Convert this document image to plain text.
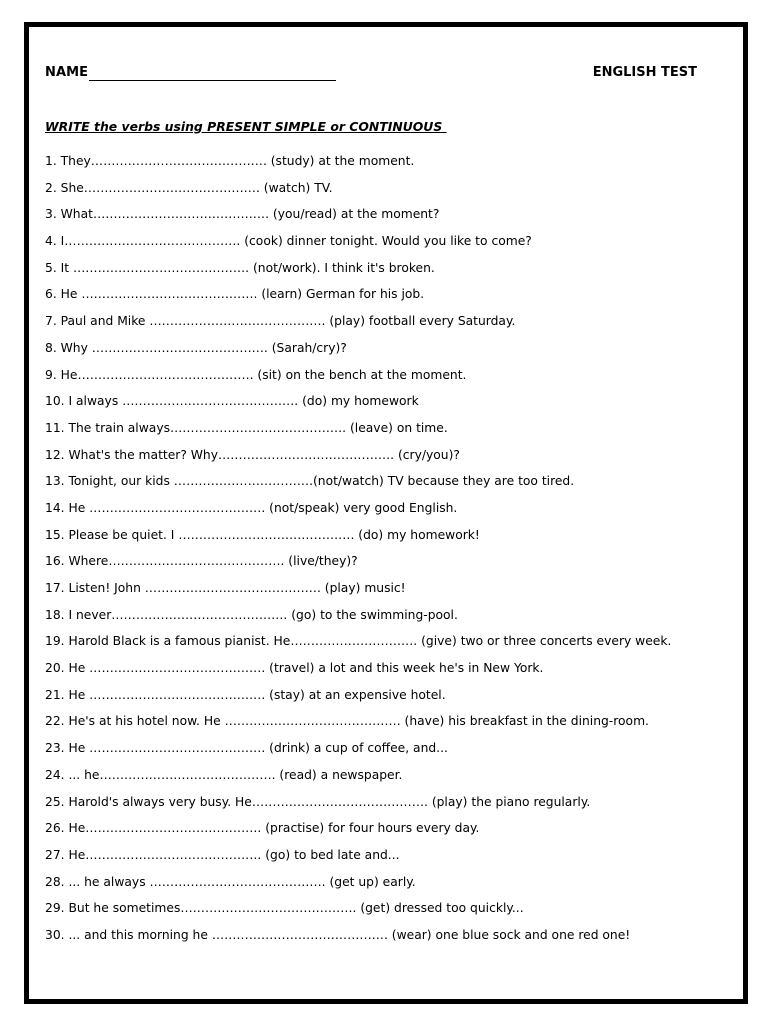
NAME	ENGLISH TEST
WRITE the verbs using PRESENT SIMPLE or CONTINUOUS
1. They……………………………………. (study) at the moment.
2. She……………………………………. (watch) TV.
3. What……………………………………. (you/read) at the moment?
4. I……………………………………. (cook) dinner tonight. Would you like to come?
5. It ……………………………………. (not/work). I think it's broken.
6. He ……………………………………. (learn) German for his job.
7. Paul and Mike ……………………………………. (play) football every Saturday.
8. Why ……………………………………. (Sarah/cry)?
9. He……………………………………. (sit) on the bench at the moment.
10. I always ……………………………………. (do) my homework
11. The train always……………………………………. (leave) on time.
12. What's the matter? Why……………………………………. (cry/you)?
13. Tonight, our kids …………………………….(not/watch) TV because they are too tired.
14. He ……………………………………. (not/speak) very good English.
15. Please be quiet. I ……………………………………. (do) my homework!
16. Where……………………………………. (live/they)?
17. Listen! John ……………………………………. (play) music!
18. I never……………………………………. (go) to the swimming-pool.
19. Harold Black is a famous pianist. He…………………………. (give) two or three concerts every week.
20. He ……………………………………. (travel) a lot and this week he's in New York.
21. He ……………………………………. (stay) at an expensive hotel.
22. He's at his hotel now. He ……………………………………. (have) his breakfast in the dining-room.
23. He ……………………………………. (drink) a cup of coffee, and...
24. ... he……………………………………. (read) a newspaper.
25. Harold's always very busy. He……………………………………. (play) the piano regularly.
26. He……………………………………. (practise) for four hours every day.
27. He……………………………………. (go) to bed late and...
28. ... he always ……………………………………. (get up) early.
29. But he sometimes……………………………………. (get) dressed too quickly...
30. ... and this morning he ……………………………………. (wear) one blue sock and one red one!
